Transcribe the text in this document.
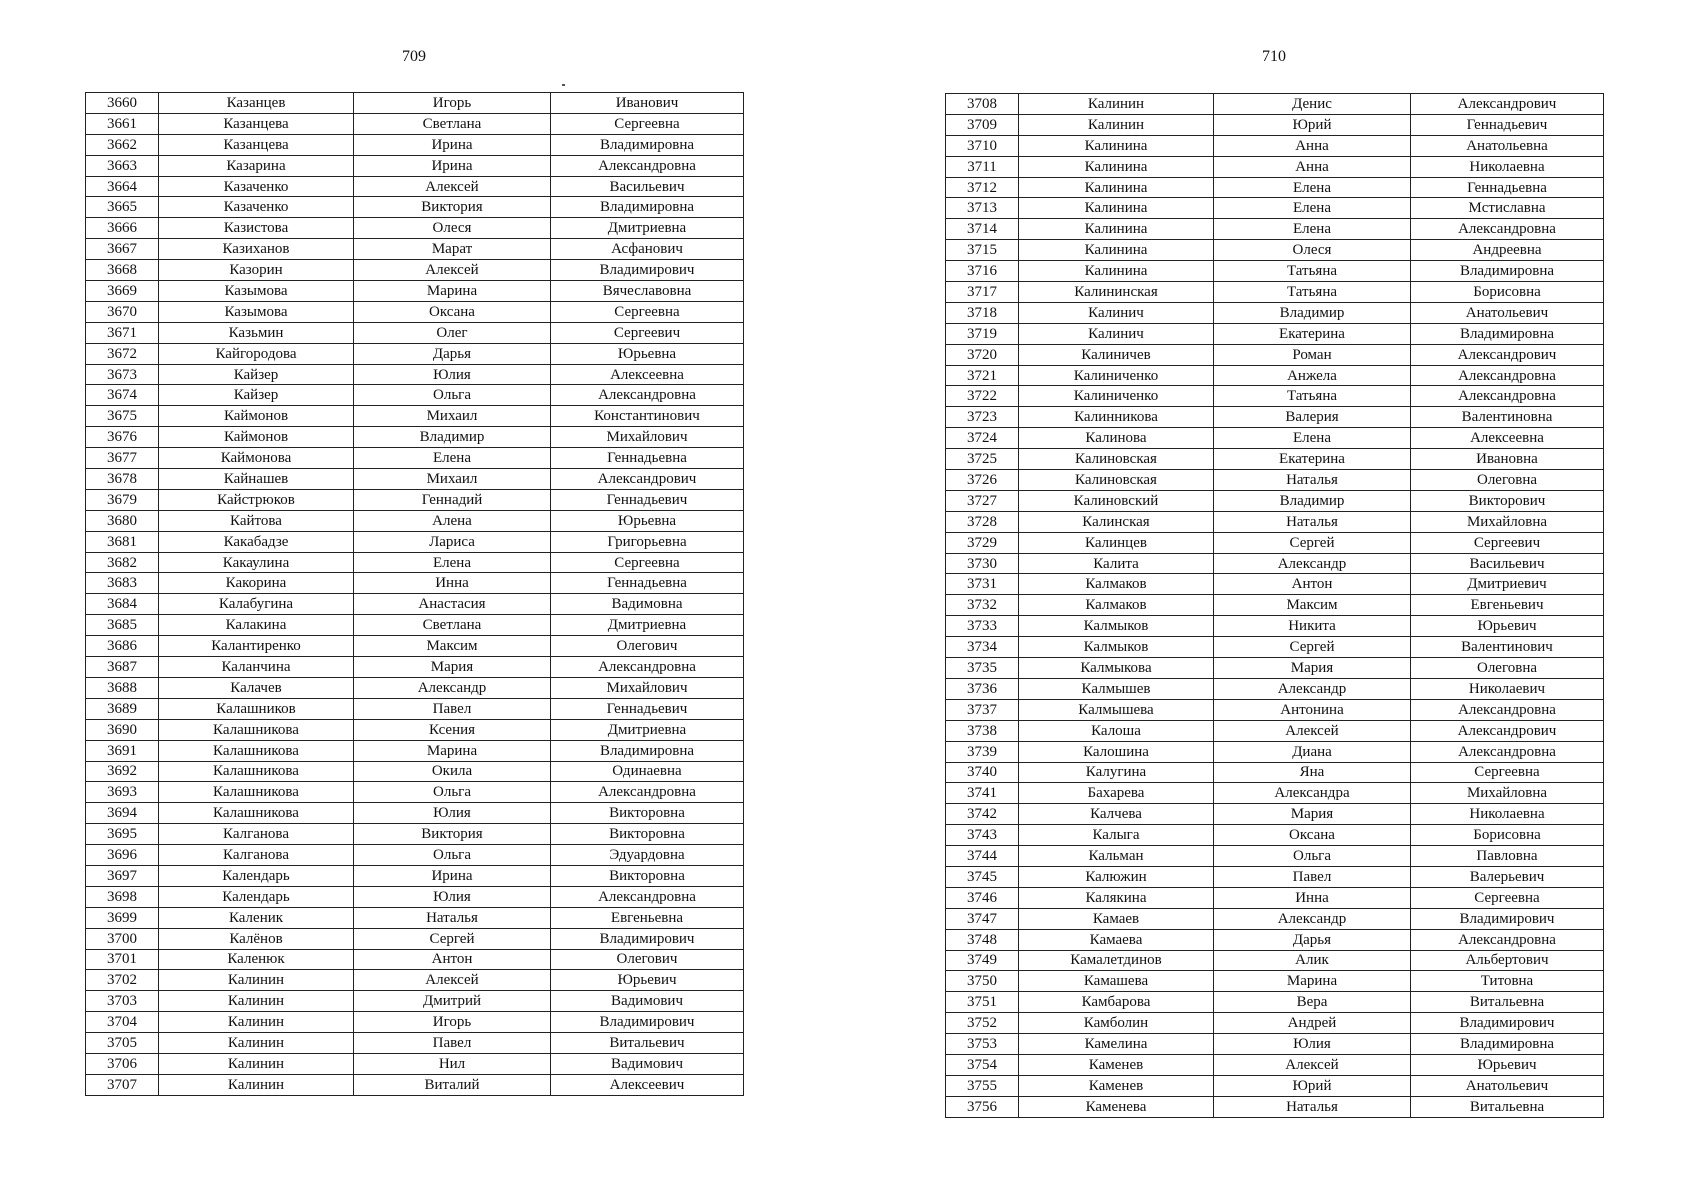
709
3660	Казанцев	Игорь	Иванович
3661	Казанцева	Светлана	Сергеевна
3662	Казанцева	Ирина	Владимировна
3663	Казарина	Ирина	Александровна
3664	Казаченко	Алексей	Васильевич
3665	Казаченко	Виктория	Владимировна
3666	Казистова	Олеся	Дмитриевна
3667	Казиханов	Марат	Асфанович
3668	Казорин	Алексей	Владимирович
3669	Казымова	Марина	Вячеславовна
3670	Казымова	Оксана	Сергеевна
3671	Казьмин	Олег	Сергеевич
3672	Кайгородова	Дарья	Юрьевна
3673	Кайзер	Юлия	Алексеевна
3674	Кайзер	Ольга	Александровна
3675	Каймонов	Михаил	Константинович
3676	Каймонов	Владимир	Михайлович
3677	Каймонова	Елена	Геннадьевна
3678	Кайнашев	Михаил	Александрович
3679	Кайстрюков	Геннадий	Геннадьевич
3680	Кайтова	Алена	Юрьевна
3681	Какабадзе	Лариса	Григорьевна
3682	Какаулина	Елена	Сергеевна
3683	Какорина	Инна	Геннадьевна
3684	Калабугина	Анастасия	Вадимовна
3685	Калакина	Светлана	Дмитриевна
3686	Калантиренко	Максим	Олегович
3687	Каланчина	Мария	Александровна
3688	Калачев	Александр	Михайлович
3689	Калашников	Павел	Геннадьевич
3690	Калашникова	Ксения	Дмитриевна
3691	Калашникова	Марина	Владимировна
3692	Калашникова	Окила	Одинаевна
3693	Калашникова	Ольга	Александровна
3694	Калашникова	Юлия	Викторовна
3695	Калганова	Виктория	Викторовна
3696	Калганова	Ольга	Эдуардовна
3697	Календарь	Ирина	Викторовна
3698	Календарь	Юлия	Александровна
3699	Каленик	Наталья	Евгеньевна
3700	Калёнов	Сергей	Владимирович
3701	Каленюк	Антон	Олегович
3702	Калинин	Алексей	Юрьевич
3703	Калинин	Дмитрий	Вадимович
3704	Калинин	Игорь	Владимирович
3705	Калинин	Павел	Витальевич
3706	Калинин	Нил	Вадимович
3707	Калинин	Виталий	Алексеевич
710
3708	Калинин	Денис	Александрович
3709	Калинин	Юрий	Геннадьевич
3710	Калинина	Анна	Анатольевна
3711	Калинина	Анна	Николаевна
3712	Калинина	Елена	Геннадьевна
3713	Калинина	Елена	Мстиславна
3714	Калинина	Елена	Александровна
3715	Калинина	Олеся	Андреевна
3716	Калинина	Татьяна	Владимировна
3717	Калининская	Татьяна	Борисовна
3718	Калинич	Владимир	Анатольевич
3719	Калинич	Екатерина	Владимировна
3720	Калиничев	Роман	Александрович
3721	Калиниченко	Анжела	Александровна
3722	Калиниченко	Татьяна	Александровна
3723	Калинникова	Валерия	Валентиновна
3724	Калинова	Елена	Алексеевна
3725	Калиновская	Екатерина	Ивановна
3726	Калиновская	Наталья	Олеговна
3727	Калиновский	Владимир	Викторович
3728	Калинская	Наталья	Михайловна
3729	Калинцев	Сергей	Сергеевич
3730	Калита	Александр	Васильевич
3731	Калмаков	Антон	Дмитриевич
3732	Калмаков	Максим	Евгеньевич
3733	Калмыков	Никита	Юрьевич
3734	Калмыков	Сергей	Валентинович
3735	Калмыкова	Мария	Олеговна
3736	Калмышев	Александр	Николаевич
3737	Калмышева	Антонина	Александровна
3738	Калоша	Алексей	Александрович
3739	Калошина	Диана	Александровна
3740	Калугина	Яна	Сергеевна
3741	Бахарева	Александра	Михайловна
3742	Калчева	Мария	Николаевна
3743	Калыга	Оксана	Борисовна
3744	Кальман	Ольга	Павловна
3745	Калюжин	Павел	Валерьевич
3746	Калякина	Инна	Сергеевна
3747	Камаев	Александр	Владимирович
3748	Камаева	Дарья	Александровна
3749	Камалетдинов	Алик	Альбертович
3750	Камашева	Марина	Титовна
3751	Камбарова	Вера	Витальевна
3752	Камболин	Андрей	Владимирович
3753	Камелина	Юлия	Владимировна
3754	Каменев	Алексей	Юрьевич
3755	Каменев	Юрий	Анатольевич
3756	Каменева	Наталья	Витальевна
